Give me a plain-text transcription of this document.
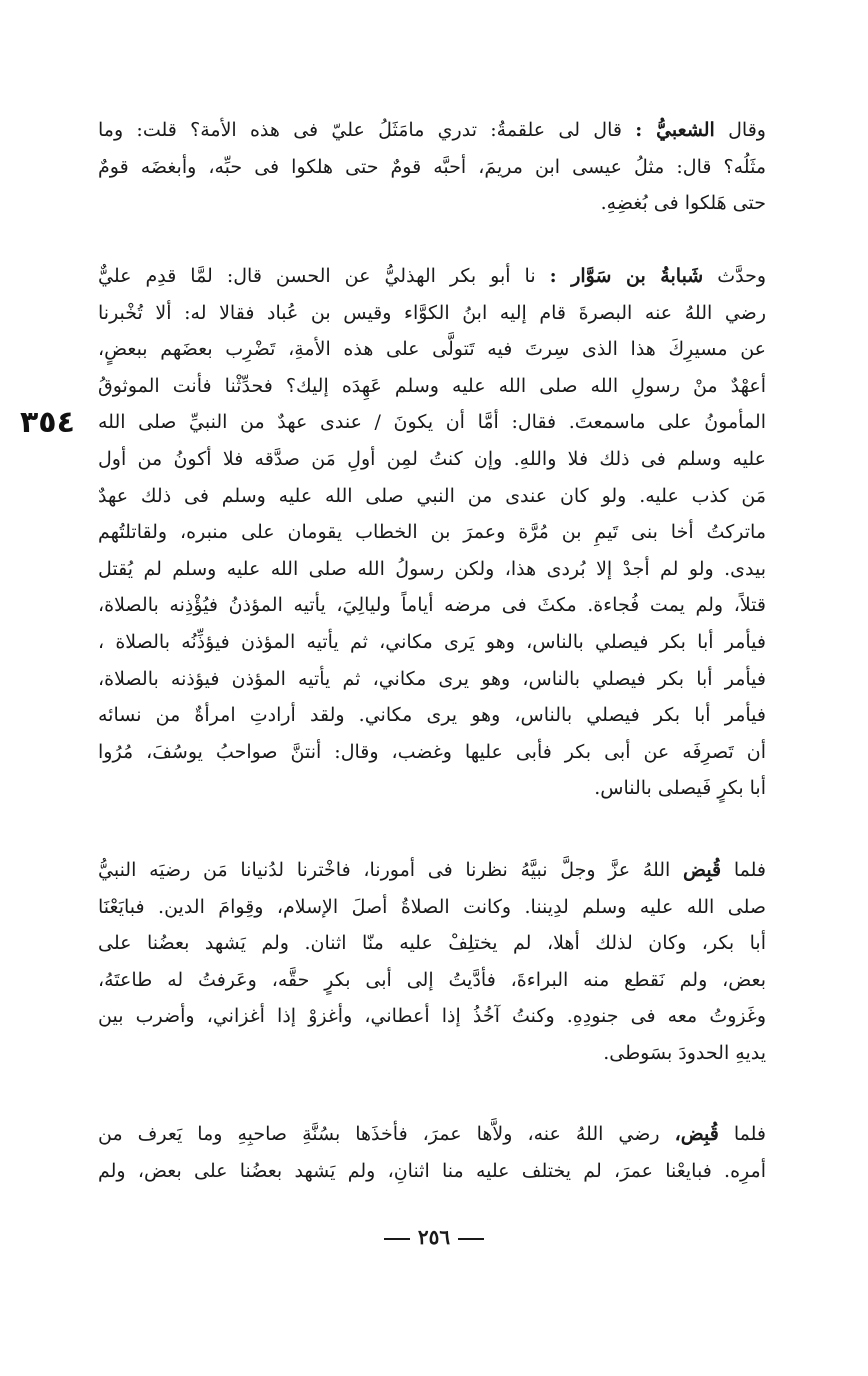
وقال الشعبيُّ : قال لى علقمةُ: تدري مامَثَلُ عليّ فى هذه الأمة؟ قلت: وما
مثَلُه؟ قال: مثلُ عيسى ابن مريمَ، أحبَّه قومٌ حتى هلكوا فى حبِّه، وأبغضَه قومٌ
حتى هَلكوا فى بُغضِهِ.
وحدَّث شَبابةُ بن سَوَّار : نا أبو بكر الهذليُّ عن الحسن قال: لمَّا قدِم عليٌّ
رضي اللهُ عنه البصرةَ قام إليه ابنُ الكوَّاء وقيس بن عُباد فقالا له: ألا تُخْبرنا
عن مسيرِكَ هذا الذى سِرتَ فيه تَتولَّى على هذه الأمةِ، تَضْرِب بعضَهم ببعضٍ،
أعهْدٌ منْ رسولِ الله صلى الله عليه وسلم عَهِدَه إليك؟ فحدِّثْنا فأنت الموثوقُ
المأمونُ على ماسمعتَ. فقال: أمَّا أن يكونَ / عندى عهدٌ من النبيِّ صلى الله
عليه وسلم فى ذلك فلا واللهِ. وإن كنتُ لمِن أولِ مَن صدَّقه فلا أكونُ من أول
مَن كذب عليه. ولو كان عندى من النبي صلى الله عليه وسلم فى ذلك عهدٌ
ماتركتُ أخا بنى تَيمِ بن مُرَّة وعمرَ بن الخطاب يقومان على منبره، ولقاتلتُهم
بيدى. ولو لم أجدْ إلا بُردى هذا، ولكن رسولُ الله صلى الله عليه وسلم لم يُقتل
قتلاً، ولم يمت فُجاءة. مكثَ فى مرضه أياماً وليالِيَ، يأتيه المؤذنُ فيُؤْذِنه بالصلاة،
فيأمر أبا بكر فيصلي بالناس، وهو يَرى مكاني، ثم يأتيه المؤذن فيؤذِّنُه بالصلاة ،
فيأمر أبا بكر فيصلي بالناس، وهو يرى مكاني، ثم يأتيه المؤذن فيؤذنه بالصلاة،
فيأمر أبا بكر فيصلي بالناس، وهو يرى مكاني. ولقد أرادتِ امرأةٌ من نسائه
أن تَصرِفَه عن أبى بكر فأبى عليها وغضب، وقال: أنتنَّ صواحبُ يوسُفَ، مُرُوا
أبا بكرٍ فَيصلى بالناس.
٣٥٤
فلما قُبِض اللهُ عزَّ وجلَّ نبيَّهُ نظرنا فى أمورنا، فاخْترنا لدُنيانا مَن رضيَه النبيُّ
صلى الله عليه وسلم لدِيننا. وكانت الصلاةُ أصلَ الإسلام، وقِوامَ الدين. فبايَعْنَا
أبا بكر، وكان لذلك أهلا، لم يختلِفْ عليه منّا اثنان. ولم يَشهد بعضُنا على
بعض، ولم نَقطع منه البراءةَ، فأدَّيتُ إلى أبى بكرٍ حقَّه، وعَرفتُ له طاعتَهُ،
وغَزوتُ معه فى جنودِهِ. وكنتُ آخُذُ إذا أعطاني، وأغزوْ إذا أغزاني، وأضرب بين
يديهِ الحدودَ بسَوطى.
فلما قُبِض، رضي اللهُ عنه، ولاَّها عمرَ، فأخذَها بسُنَّةِ صاحبِهِ وما يَعرف من
أمرِه. فبايعْنا عمرَ، لم يختلف عليه منا اثنانِ، ولم يَشهد بعضُنا على بعض، ولم
٢٥٦
